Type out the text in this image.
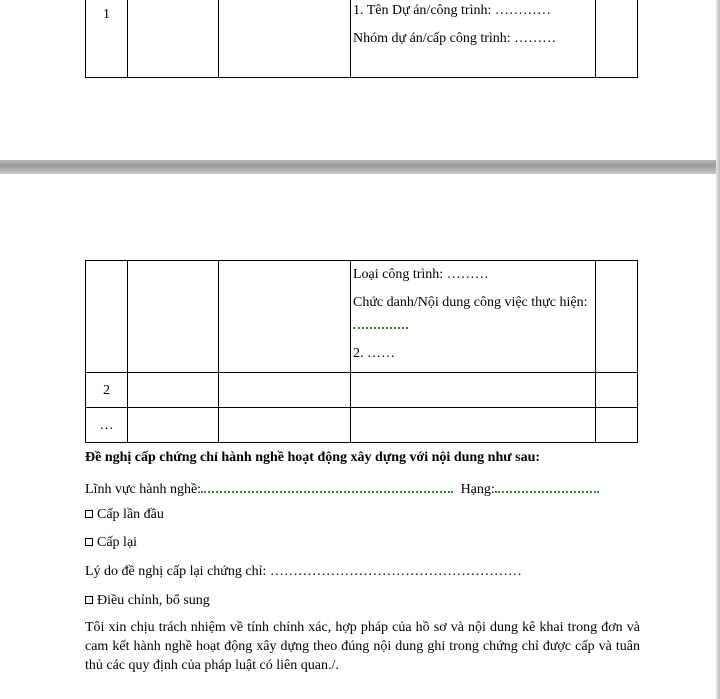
1			1. Tên Dự án/công trình: …………

Nhóm dự án/cấp công trình: ………

			Loại công trình: ………

Chức danh/Nội dung công việc thực hiện:

2. ……	

2				

…				

Đề nghị cấp chứng chỉ hành nghề hoạt động xây dựng với nội dung như sau:
Lĩnh vực hành nghề:	Hạng:
Cấp lần đầu
Cấp lại
Lý do đề nghị cấp lại chứng chỉ: ………………………………………………
Điều chỉnh, bổ sung
Tôi xin chịu trách nhiệm về tính chính xác, hợp pháp của hồ sơ và nội dung kê khai trong đơn và cam kết hành nghề hoạt động xây dựng theo đúng nội dung ghi trong chứng chỉ được cấp và tuân thủ các quy định của pháp luật có liên quan./.
